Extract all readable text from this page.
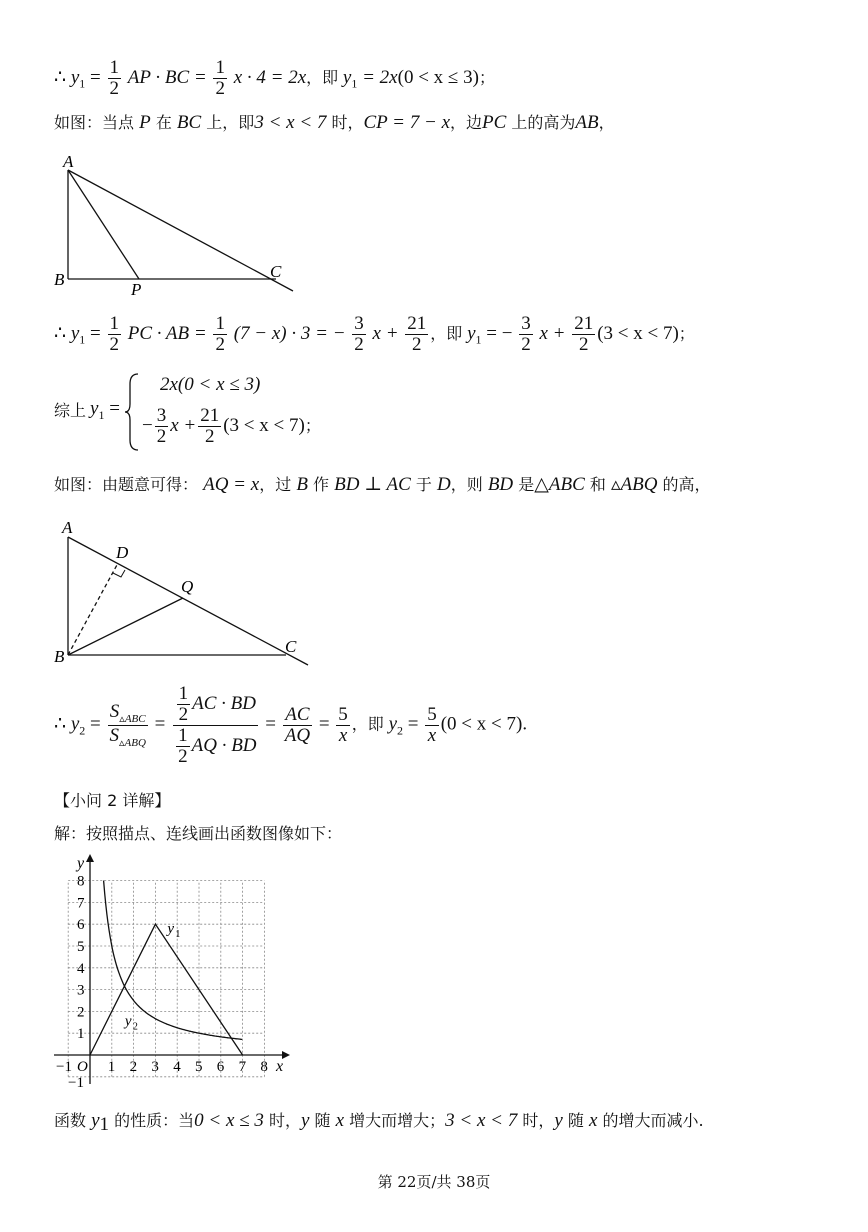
∴ $y_1 = \frac{1}{2}$ AP · BC = $\frac{1}{2}$ x · 4 = 2x，即 $y_1 = 2x(0 < x \le 3)$；
如图：当点 P 在 BC 上，即3 < x < 7 时，CP = 7 − x，边PC 上的高为AB，
A
B
P
C
∴ $y_1 = \frac{1}{2}$ PC · AB = $\frac{1}{2} (7 - x) \cdot 3$ = − $\frac{3}{2}$ $x + \frac{21}{2}$ ，即 $y_1$ = − $\frac{3}{2}$ $x + \frac{21}{2} (3 < x < 7)$；
综上 $y_1$ =
2x(0 < x ≤ 3)
− $\frac{3}{2}$ $x + \frac{21}{2} (3 < x < 7)$；
如图：由题意可得： AQ = x，过 B 作 BD ⊥ AC 于 D，则 BD 是△ABC 和 ▵ABQ 的高，
A
D
Q
B
C
∴ $y_2 = \frac{S_{▵ABC}}{S_{▵ABQ}} = \frac{\frac{1}{2} AC \cdot BD}{\frac{1}{2} AQ \cdot BD} = \frac{AC}{AQ} = \frac{5}{x}$ ，即 $y_2 = \frac{5}{x} (0 < x < 7)$.
【小问 2 详解】
解：按照描点、连线画出函数图像如下：
1 2 3 4 5 6 7 8
1
2
3
4
5
6
7
8
−1 O
−1
x
y
y 1
y 2
函数 $y_1$ 的性质：当0 < x ≤ 3 时，y 随 x 增大而增大；3 < x < 7 时，y 随 x 的增大而减小.
第 22页/共 38页
